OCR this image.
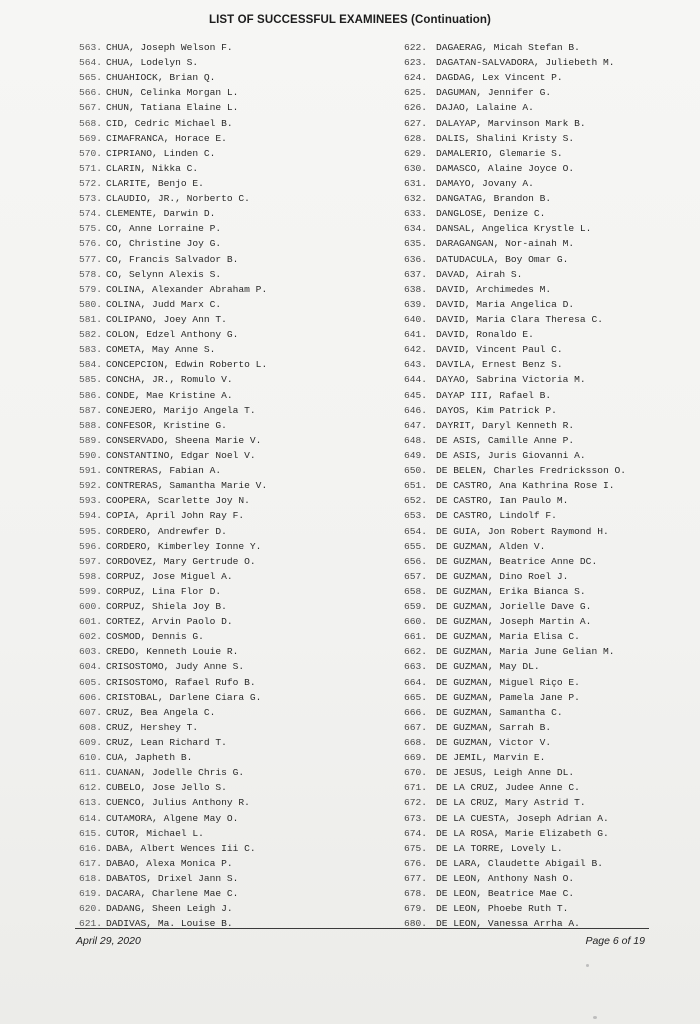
LIST OF SUCCESSFUL EXAMINEES (Continuation)
563. CHUA, Joseph Welson F.
564. CHUA, Lodelyn S.
565. CHUAHIOCK, Brian Q.
566. CHUN, Celinka Morgan L.
567. CHUN, Tatiana Elaine L.
568. CID, Cedric Michael B.
569. CIMAFRANCA, Horace E.
570. CIPRIANO, Linden C.
571. CLARIN, Nikka C.
572. CLARITE, Benjo E.
573. CLAUDIO, JR., Norberto C.
574. CLEMENTE, Darwin D.
575. CO, Anne Lorraine P.
576. CO, Christine Joy G.
577. CO, Francis Salvador B.
578. CO, Selynn Alexis S.
579. COLINA, Alexander Abraham P.
580. COLINA, Judd Marx C.
581. COLIPANO, Joey Ann T.
582. COLON, Edzel Anthony G.
583. COMETA, May Anne S.
584. CONCEPCION, Edwin Roberto L.
585. CONCHA, JR., Romulo V.
586. CONDE, Mae Kristine A.
587. CONEJERO, Marijo Angela T.
588. CONFESOR, Kristine G.
589. CONSERVADO, Sheena Marie V.
590. CONSTANTINO, Edgar Noel V.
591. CONTRERAS, Fabian A.
592. CONTRERAS, Samantha Marie V.
593. COOPERA, Scarlette Joy N.
594. COPIA, April John Ray F.
595. CORDERO, Andrewfer D.
596. CORDERO, Kimberley Ionne Y.
597. CORDOVEZ, Mary Gertrude O.
598. CORPUZ, Jose Miguel A.
599. CORPUZ, Lina Flor D.
600. CORPUZ, Shiela Joy B.
601. CORTEZ, Arvin Paolo D.
602. COSMOD, Dennis G.
603. CREDO, Kenneth Louie R.
604. CRISOSTOMO, Judy Anne S.
605. CRISOSTOMO, Rafael Rufo B.
606. CRISTOBAL, Darlene Ciara G.
607. CRUZ, Bea Angela C.
608. CRUZ, Hershey T.
609. CRUZ, Lean Richard T.
610. CUA, Japheth B.
611. CUANAN, Jodelle Chris G.
612. CUBELO, Jose Jello S.
613. CUENCO, Julius Anthony R.
614. CUTAMORA, Algene May O.
615. CUTOR, Michael L.
616. DABA, Albert Wences Iii C.
617. DABAO, Alexa Monica P.
618. DABATOS, Drixel Jann S.
619. DACARA, Charlene Mae C.
620. DADANG, Sheen Leigh J.
621. DADIVAS, Ma. Louise B.
622. DAGAERAG, Micah Stefan B.
623. DAGATAN-SALVADORA, Juliebeth M.
624. DAGDAG, Lex Vincent P.
625. DAGUMAN, Jennifer G.
626. DAJAO, Lalaine A.
627. DALAYAP, Marvinson Mark B.
628. DALIS, Shalini Kristy S.
629. DAMALERIO, Glemarie S.
630. DAMASCO, Alaine Joyce O.
631. DAMAYO, Jovany A.
632. DANGATAG, Brandon B.
633. DANGLOSE, Denize C.
634. DANSAL, Angelica Krystle L.
635. DARAGANGAN, Nor-ainah M.
636. DATUDACULA, Boy Omar G.
637. DAVAD, Airah S.
638. DAVID, Archimedes M.
639. DAVID, Maria Angelica D.
640. DAVID, Maria Clara Theresa C.
641. DAVID, Ronaldo E.
642. DAVID, Vincent Paul C.
643. DAVILA, Ernest Benz S.
644. DAYAO, Sabrina Victoria M.
645. DAYAP III, Rafael B.
646. DAYOS, Kim Patrick P.
647. DAYRIT, Daryl Kenneth R.
648. DE ASIS, Camille Anne P.
649. DE ASIS, Juris Giovanni A.
650. DE BELEN, Charles Fredricksson O.
651. DE CASTRO, Ana Kathrina Rose I.
652. DE CASTRO, Ian Paulo M.
653. DE CASTRO, Lindolf F.
654. DE GUIA, Jon Robert Raymond H.
655. DE GUZMAN, Alden V.
656. DE GUZMAN, Beatrice Anne DC.
657. DE GUZMAN, Dino Roel J.
658. DE GUZMAN, Erika Bianca S.
659. DE GUZMAN, Jorielle Dave G.
660. DE GUZMAN, Joseph Martin A.
661. DE GUZMAN, Maria Elisa C.
662. DE GUZMAN, Maria June Gelian M.
663. DE GUZMAN, May DL.
664. DE GUZMAN, Miguel Riço E.
665. DE GUZMAN, Pamela Jane P.
666. DE GUZMAN, Samantha C.
667. DE GUZMAN, Sarrah B.
668. DE GUZMAN, Victor V.
669. DE JEMIL, Marvin E.
670. DE JESUS, Leigh Anne DL.
671. DE LA CRUZ, Judee Anne C.
672. DE LA CRUZ, Mary Astrid T.
673. DE LA CUESTA, Joseph Adrian A.
674. DE LA ROSA, Marie Elizabeth G.
675. DE LA TORRE, Lovely L.
676. DE LARA, Claudette Abigail B.
677. DE LEON, Anthony Nash O.
678. DE LEON, Beatrice Mae C.
679. DE LEON, Phoebe Ruth T.
680. DE LEON, Vanessa Arrha A.
April 29, 2020	Page 6 of 19
